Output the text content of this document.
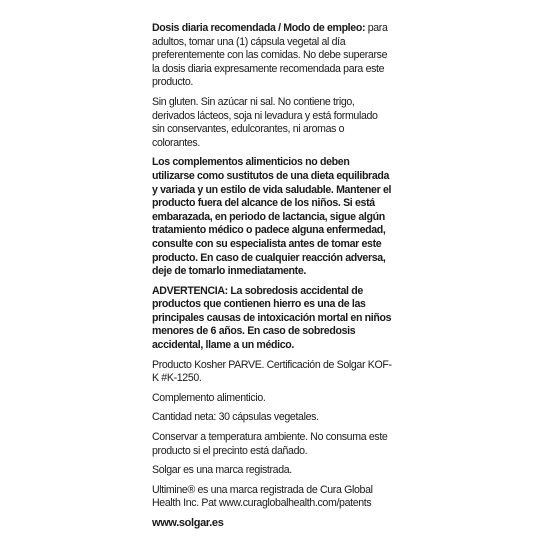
Dosis diaria recomendada / Modo de empleo: para adultos, tomar una (1) cápsula vegetal al día preferentemente con las comidas. No debe superarse la dosis diaria expresamente recomendada para este producto.

Sin gluten. Sin azúcar ni sal. No contiene trigo, derivados lácteos, soja ni levadura y está formulado sin conservantes, edulcorantes, ni aromas o colorantes.

Los complementos alimenticios no deben utilizarse como sustitutos de una dieta equilibrada y variada y un estilo de vida saludable. Mantener el producto fuera del alcance de los niños. Si está embarazada, en periodo de lactancia, sigue algún tratamiento médico o padece alguna enfermedad, consulte con su especialista antes de tomar este producto. En caso de cualquier reacción adversa, deje de tomarlo inmediatamente.

ADVERTENCIA: La sobredosis accidental de productos que contienen hierro es una de las principales causas de intoxicación mortal en niños menores de 6 años. En caso de sobredosis accidental, llame a un médico.

Producto Kosher PARVE. Certificación de Solgar KOF-K #K-1250.

Complemento alimenticio.

Cantidad neta: 30 cápsulas vegetales.

Conservar a temperatura ambiente. No consuma este producto si el precinto está dañado.

Solgar es una marca registrada.

Ultimine® es una marca registrada de Cura Global Health Inc. Pat www.curaglobalhealth.com/patents

www.solgar.es
